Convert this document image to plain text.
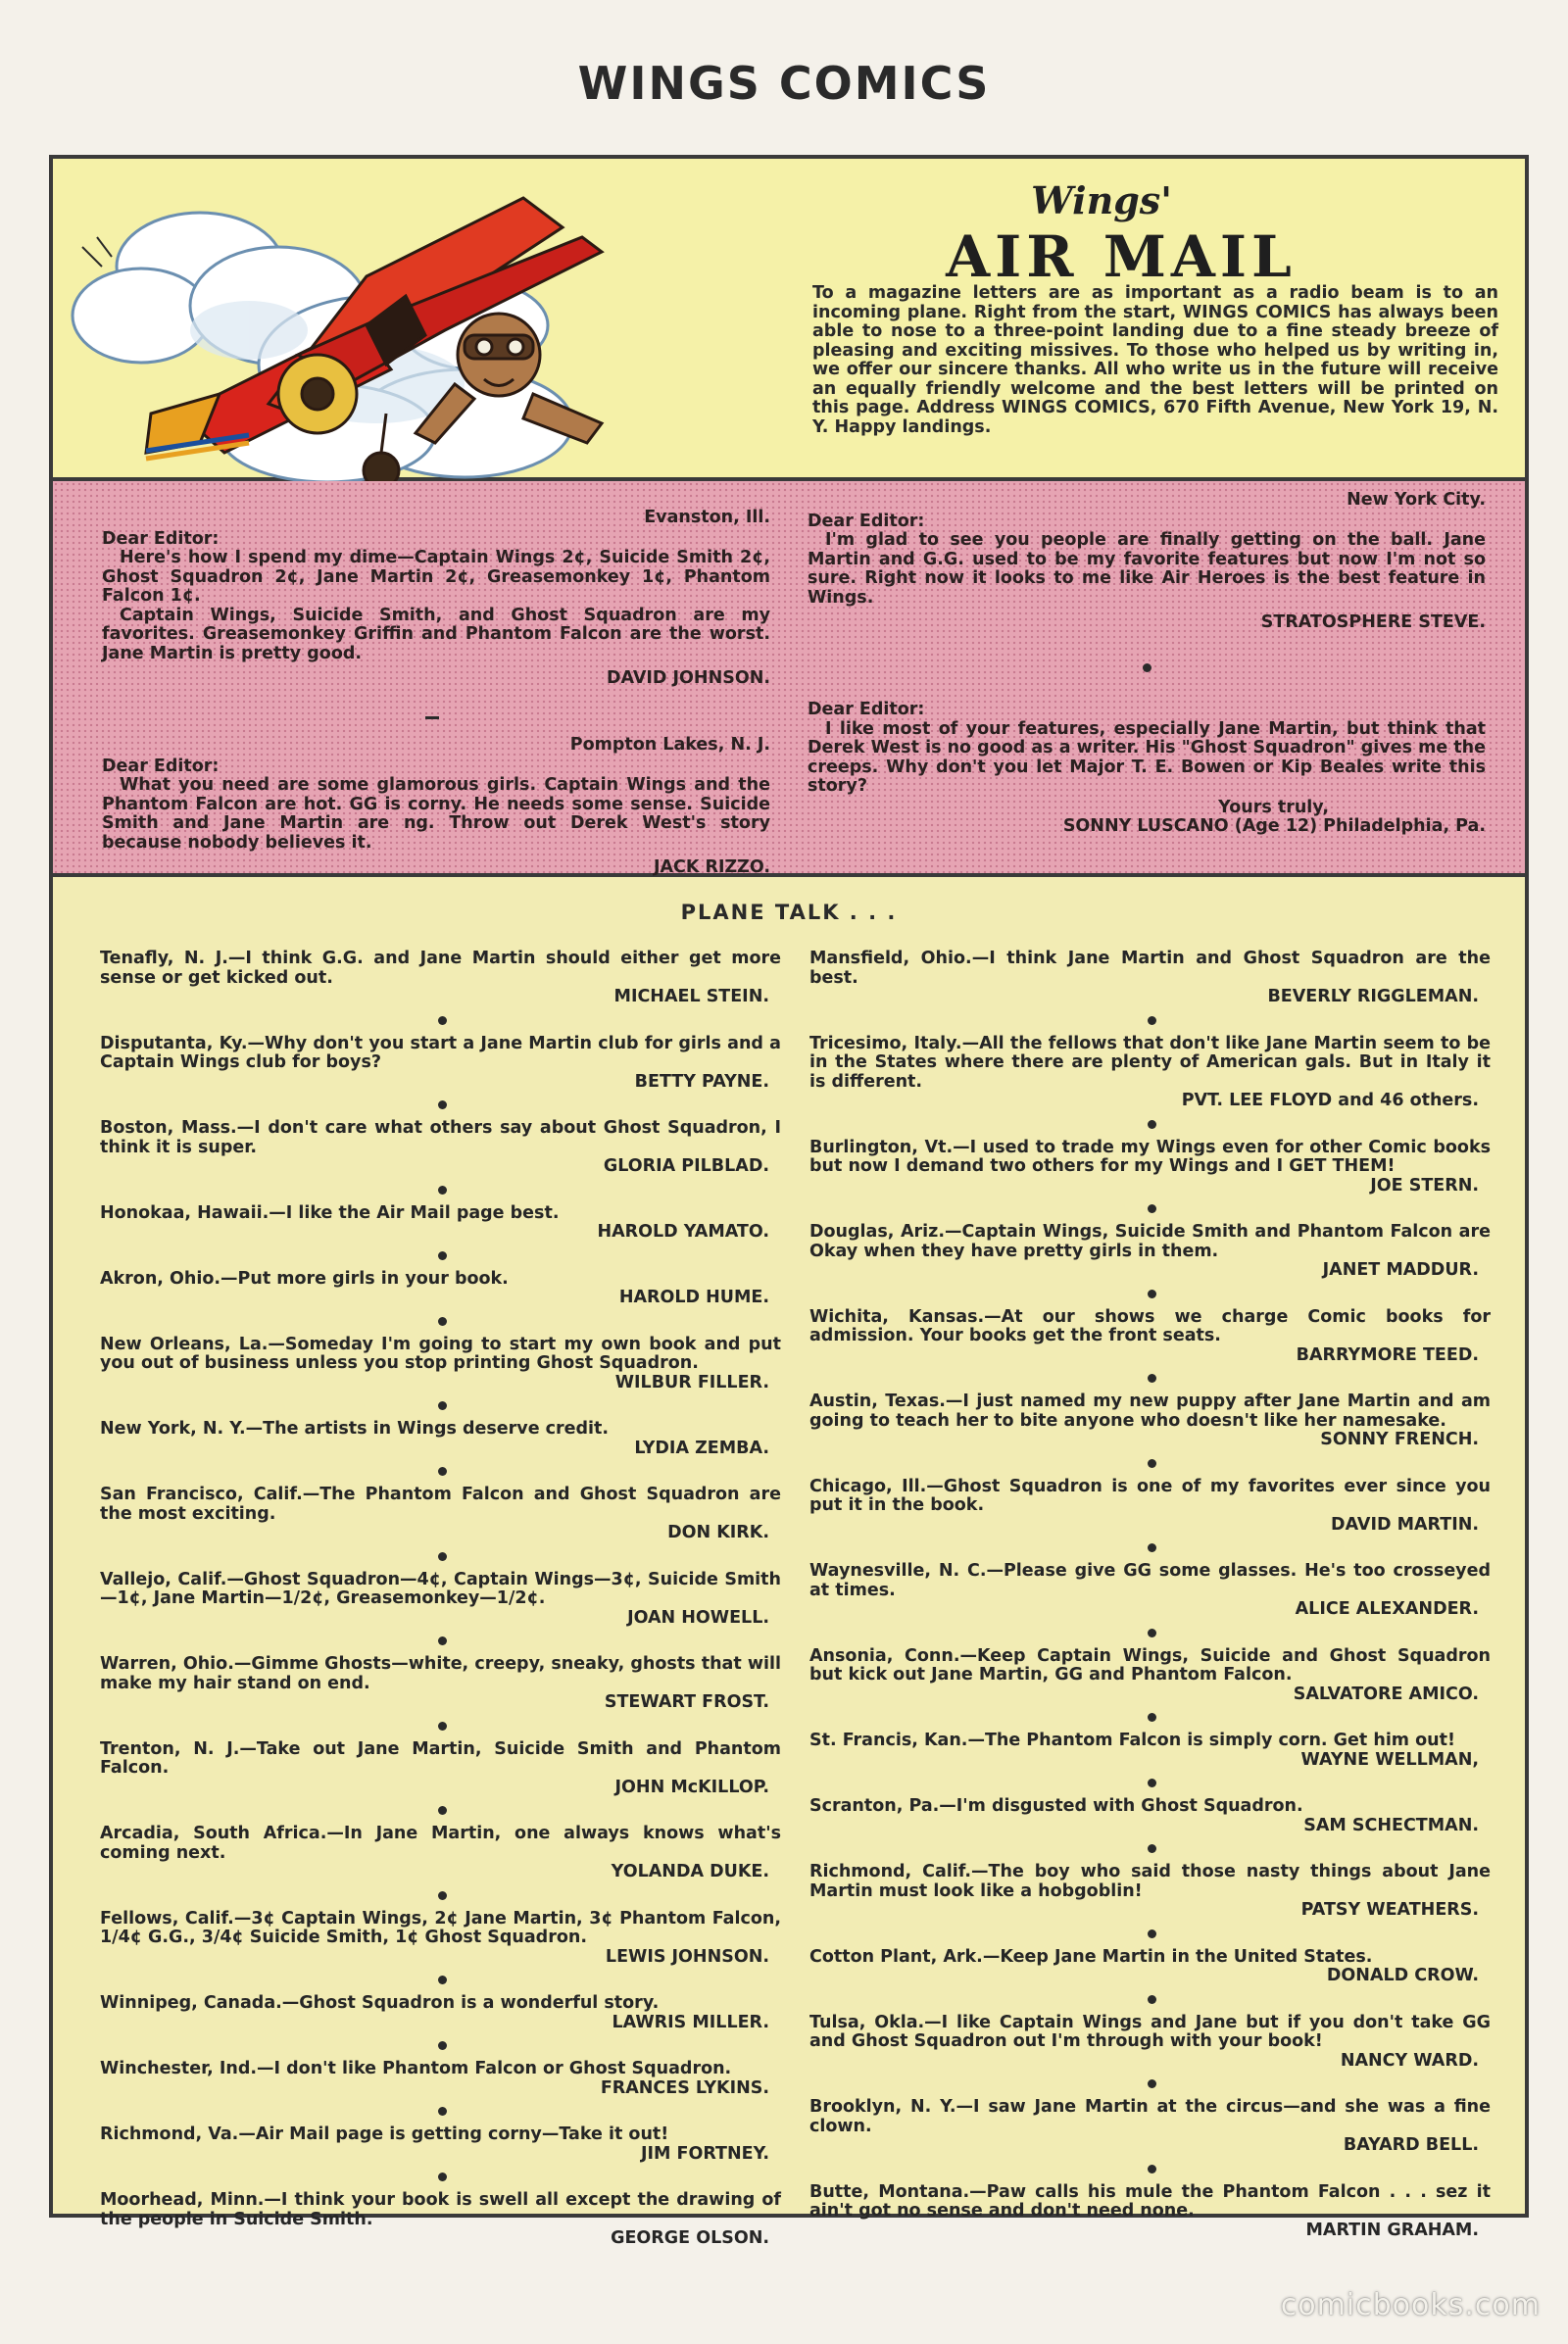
WINGS COMICS
Wings'
AIR MAIL
To a magazine letters are as important as a radio beam is to an incoming plane. Right from the start, WINGS COMICS has always been able to nose to a three-point landing due to a fine steady breeze of pleasing and exciting missives. To those who helped us by writing in, we offer our sincere thanks. All who write us in the future will receive an equally friendly welcome and the best letters will be printed on this page. Address WINGS COMICS, 670 Fifth Avenue, New York 19, N. Y. Happy landings.
Evanston, Ill.
Dear Editor:
Here's how I spend my dime—Captain Wings 2¢, Suicide Smith 2¢, Ghost Squadron 2¢, Jane Martin 2¢, Greasemonkey 1¢, Phantom Falcon 1¢.
Captain Wings, Suicide Smith, and Ghost Squadron are my favorites. Greasemonkey Griffin and Phantom Falcon are the worst. Jane Martin is pretty good.
DAVID JOHNSON.
Pompton Lakes, N. J.
Dear Editor:
What you need are some glamorous girls. Captain Wings and the Phantom Falcon are hot. GG is corny. He needs some sense. Suicide Smith and Jane Martin are ng. Throw out Derek West's story because nobody believes it.
JACK RIZZO.
New York City.
Dear Editor:
I'm glad to see you people are finally getting on the ball. Jane Martin and G.G. used to be my favorite features but now I'm not so sure. Right now it looks to me like Air Heroes is the best feature in Wings.
STRATOSPHERE STEVE.
Dear Editor:
I like most of your features, especially Jane Martin, but think that Derek West is no good as a writer. His "Ghost Squadron" gives me the creeps. Why don't you let Major T. E. Bowen or Kip Beales write this story?
Yours truly,
SONNY LUSCANO (Age 12) Philadelphia, Pa.
PLANE TALK . . .
Tenafly, N. J.—I think G.G. and Jane Martin should either get more sense or get kicked out.
MICHAEL STEIN.
Disputanta, Ky.—Why don't you start a Jane Martin club for girls and a Captain Wings club for boys?
BETTY PAYNE.
Boston, Mass.—I don't care what others say about Ghost Squadron, I think it is super.
GLORIA PILBLAD.
Honokaa, Hawaii.—I like the Air Mail page best.
HAROLD YAMATO.
Akron, Ohio.—Put more girls in your book.
HAROLD HUME.
New Orleans, La.—Someday I'm going to start my own book and put you out of business unless you stop printing Ghost Squadron.
WILBUR FILLER.
New York, N. Y.—The artists in Wings deserve credit.
LYDIA ZEMBA.
San Francisco, Calif.—The Phantom Falcon and Ghost Squadron are the most exciting.
DON KIRK.
Vallejo, Calif.—Ghost Squadron—4¢, Captain Wings—3¢, Suicide Smith—1¢, Jane Martin—1/2¢, Greasemonkey—1/2¢.
JOAN HOWELL.
Warren, Ohio.—Gimme Ghosts—white, creepy, sneaky, ghosts that will make my hair stand on end.
STEWART FROST.
Trenton, N. J.—Take out Jane Martin, Suicide Smith and Phantom Falcon.
JOHN McKILLOP.
Arcadia, South Africa.—In Jane Martin, one always knows what's coming next.
YOLANDA DUKE.
Fellows, Calif.—3¢ Captain Wings, 2¢ Jane Martin, 3¢ Phantom Falcon, 1/4¢ G.G., 3/4¢ Suicide Smith, 1¢ Ghost Squadron.
LEWIS JOHNSON.
Winnipeg, Canada.—Ghost Squadron is a wonderful story.
LAWRIS MILLER.
Winchester, Ind.—I don't like Phantom Falcon or Ghost Squadron.
FRANCES LYKINS.
Richmond, Va.—Air Mail page is getting corny—Take it out!
JIM FORTNEY.
Moorhead, Minn.—I think your book is swell all except the drawing of the people in Suicide Smith.
GEORGE OLSON.
Mansfield, Ohio.—I think Jane Martin and Ghost Squadron are the best.
BEVERLY RIGGLEMAN.
Tricesimo, Italy.—All the fellows that don't like Jane Martin seem to be in the States where there are plenty of American gals. But in Italy it is different.
PVT. LEE FLOYD and 46 others.
Burlington, Vt.—I used to trade my Wings even for other Comic books but now I demand two others for my Wings and I GET THEM!
JOE STERN.
Douglas, Ariz.—Captain Wings, Suicide Smith and Phantom Falcon are Okay when they have pretty girls in them.
JANET MADDUR.
Wichita, Kansas.—At our shows we charge Comic books for admission. Your books get the front seats.
BARRYMORE TEED.
Austin, Texas.—I just named my new puppy after Jane Martin and am going to teach her to bite anyone who doesn't like her namesake.
SONNY FRENCH.
Chicago, Ill.—Ghost Squadron is one of my favorites ever since you put it in the book.
DAVID MARTIN.
Waynesville, N. C.—Please give GG some glasses. He's too crosseyed at times.
ALICE ALEXANDER.
Ansonia, Conn.—Keep Captain Wings, Suicide and Ghost Squadron but kick out Jane Martin, GG and Phantom Falcon.
SALVATORE AMICO.
St. Francis, Kan.—The Phantom Falcon is simply corn. Get him out!
WAYNE WELLMAN,
Scranton, Pa.—I'm disgusted with Ghost Squadron.
SAM SCHECTMAN.
Richmond, Calif.—The boy who said those nasty things about Jane Martin must look like a hobgoblin!
PATSY WEATHERS.
Cotton Plant, Ark.—Keep Jane Martin in the United States.
DONALD CROW.
Tulsa, Okla.—I like Captain Wings and Jane but if you don't take GG and Ghost Squadron out I'm through with your book!
NANCY WARD.
Brooklyn, N. Y.—I saw Jane Martin at the circus—and she was a fine clown.
BAYARD BELL.
Butte, Montana.—Paw calls his mule the Phantom Falcon . . . sez it ain't got no sense and don't need none.
MARTIN GRAHAM.
comicbooks.com
